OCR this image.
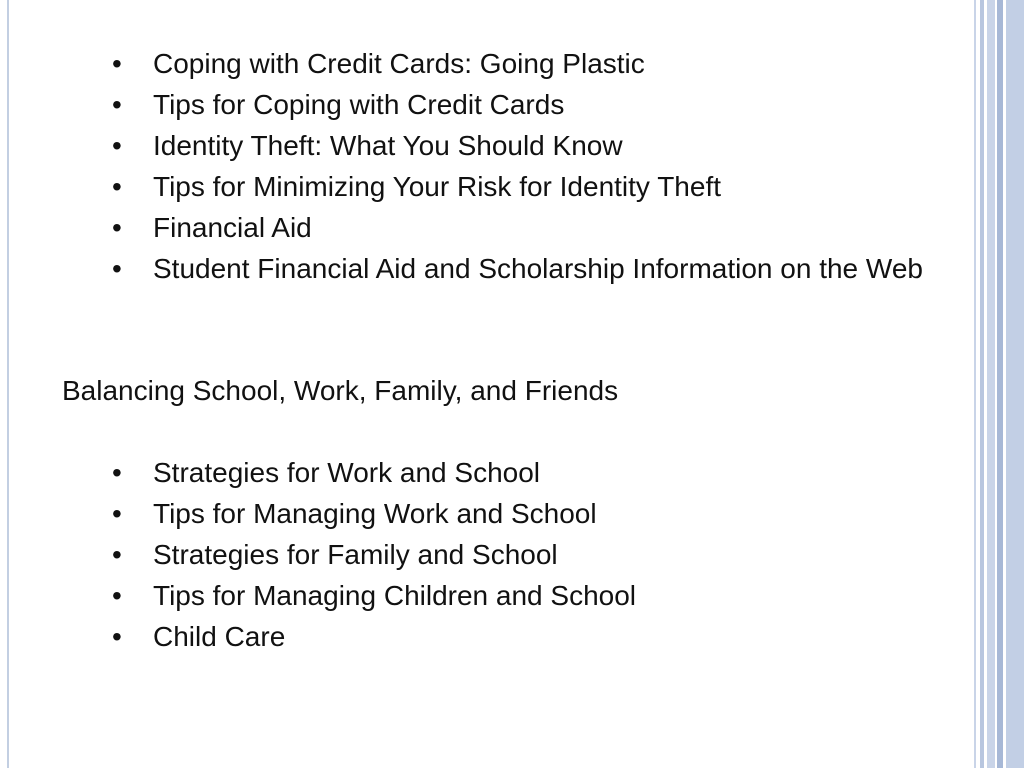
• Coping with Credit Cards: Going Plastic
• Tips for Coping with Credit Cards
• Identity Theft: What You Should Know
• Tips for Minimizing Your Risk for Identity Theft
• Financial Aid
• Student Financial Aid and Scholarship Information on the Web
Balancing School, Work, Family, and Friends
• Strategies for Work and School
• Tips for Managing Work and School
• Strategies for Family and School
• Tips for Managing Children and School
• Child Care
